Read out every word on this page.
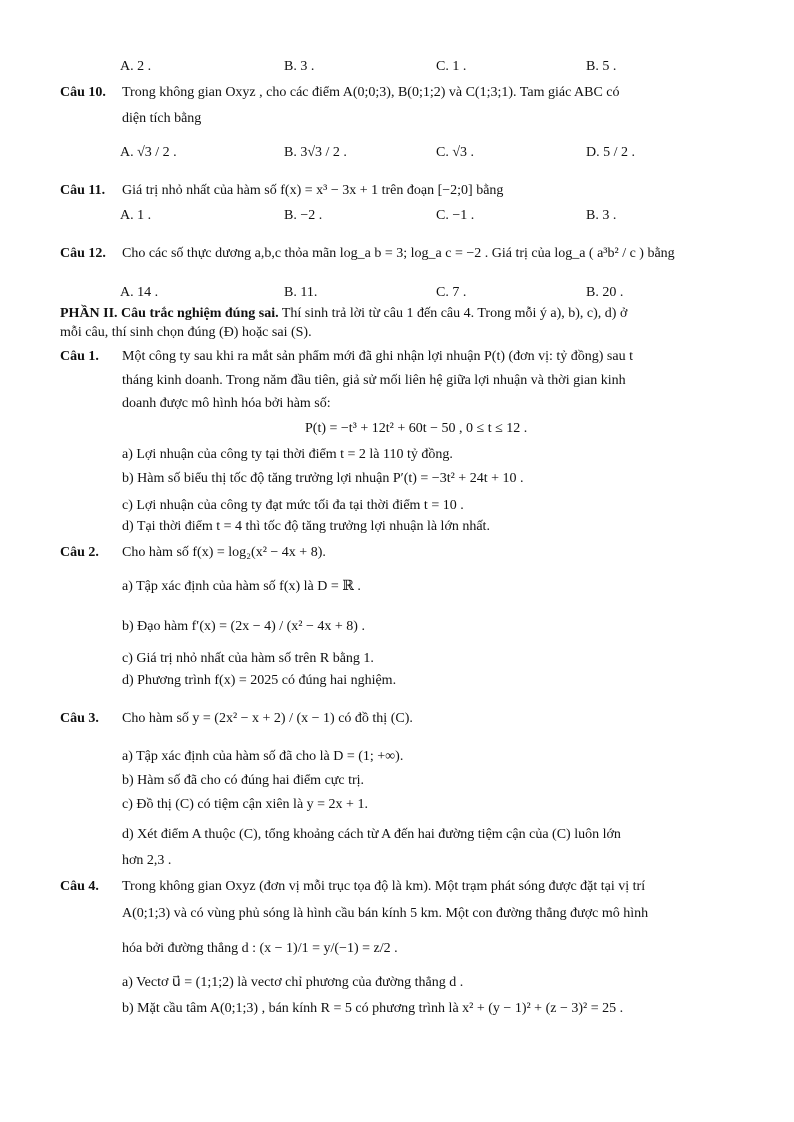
A. 2 .	B. 3 .	C. 1 .	B. 5 .
Câu 10. Trong không gian Oxyz , cho các điểm A(0;0;3), B(0;1;2) và C(1;3;1). Tam giác ABC có
diện tích bằng
A. √3 / 2 .	B. 3√3 / 2 .	C. √3 .	D. 5 / 2 .
Câu 11. Giá trị nhỏ nhất của hàm số f(x) = x³ − 3x + 1 trên đoạn [−2;0] bằng
A. 1 .	B. −2 .	C. −1 .	B. 3 .
Câu 12. Cho các số thực dương a,b,c thỏa mãn log_a b = 3; log_a c = −2 . Giá trị của log_a ( a³b² / c ) bằng
A. 14 .	B. 11.	C. 7 .	B. 20 .
PHẦN II. Câu trắc nghiệm đúng sai. Thí sinh trả lời từ câu 1 đến câu 4. Trong mỗi ý a), b), c), d) ở
mỗi câu, thí sinh chọn đúng (Đ) hoặc sai (S).
Câu 1. Một công ty sau khi ra mắt sản phẩm mới đã ghi nhận lợi nhuận P(t) (đơn vị: tỷ đồng) sau t
tháng kinh doanh. Trong năm đầu tiên, giả sử mối liên hệ giữa lợi nhuận và thời gian kinh
doanh được mô hình hóa bởi hàm số:
P(t) = −t³ + 12t² + 60t − 50 , 0 ≤ t ≤ 12 .
a) Lợi nhuận của công ty tại thời điểm t = 2 là 110 tỷ đồng.
b) Hàm số biểu thị tốc độ tăng trưởng lợi nhuận P′(t) = −3t² + 24t + 10 .
c) Lợi nhuận của công ty đạt mức tối đa tại thời điểm t = 10 .
d) Tại thời điểm t = 4 thì tốc độ tăng trưởng lợi nhuận là lớn nhất.
Câu 2. Cho hàm số f(x) = log₂(x² − 4x + 8).
a) Tập xác định của hàm số f(x) là D = ℝ .
b) Đạo hàm f′(x) = (2x − 4) / (x² − 4x + 8) .
c) Giá trị nhỏ nhất của hàm số trên R bằng 1.
d) Phương trình f(x) = 2025 có đúng hai nghiệm.
Câu 3. Cho hàm số y = (2x² − x + 2) / (x − 1) có đồ thị (C).
a) Tập xác định của hàm số đã cho là D = (1; +∞).
b) Hàm số đã cho có đúng hai điểm cực trị.
c) Đồ thị (C) có tiệm cận xiên là y = 2x + 1.
d) Xét điểm A thuộc (C), tổng khoảng cách từ A đến hai đường tiệm cận của (C) luôn lớn
hơn 2,3 .
Câu 4. Trong không gian Oxyz (đơn vị mỗi trục tọa độ là km). Một trạm phát sóng được đặt tại vị trí
A(0;1;3) và có vùng phủ sóng là hình cầu bán kính 5 km. Một con đường thẳng được mô hình
hóa bởi đường thẳng d : (x − 1)/1 = y/(−1) = z/2 .
a) Vectơ u⃗ = (1;1;2) là vectơ chỉ phương của đường thẳng d .
b) Mặt cầu tâm A(0;1;3) , bán kính R = 5 có phương trình là x² + (y − 1)² + (z − 3)² = 25 .
